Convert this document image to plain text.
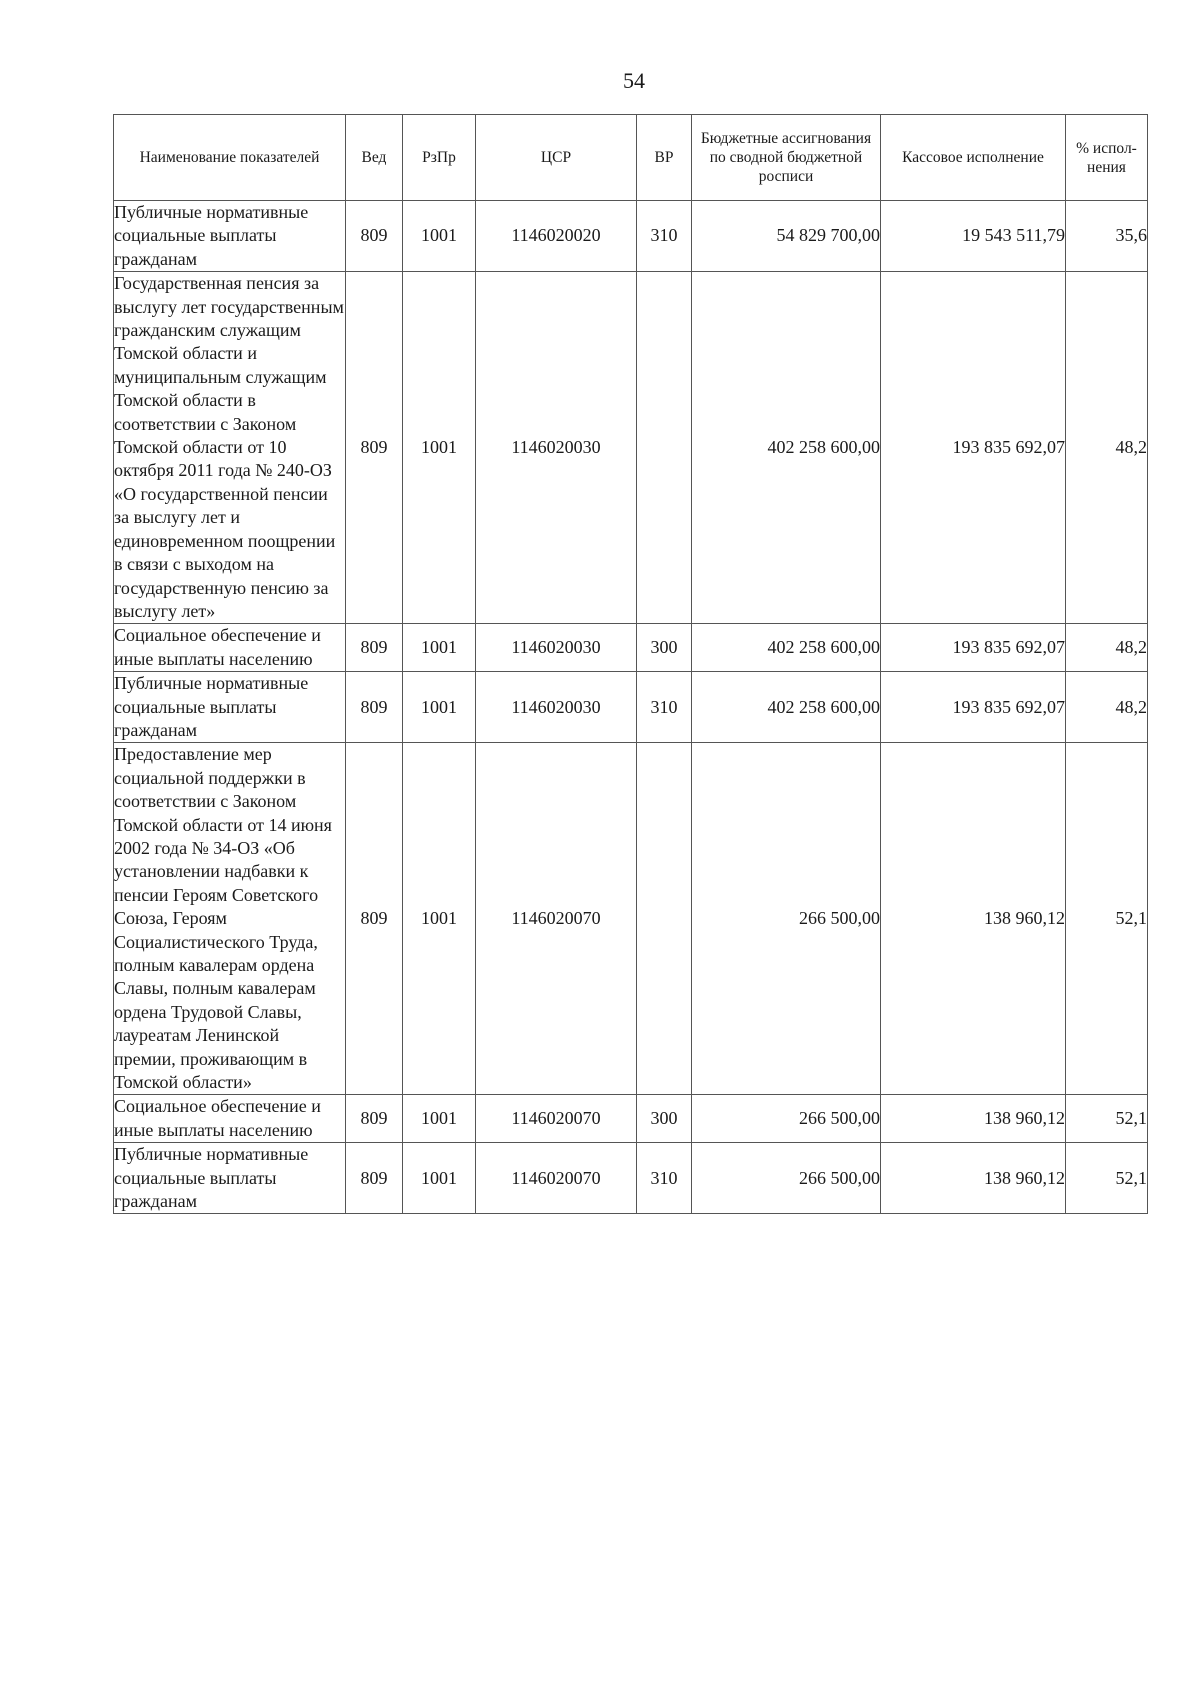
54
Наименование показателей	Вед	РзПр	ЦСР	ВР	Бюджетные ассигнования по сводной бюджетной росписи	Кассовое исполнение	% испол-нения
Публичные нормативные социальные выплаты гражданам	809	1001	1146020020	310	54 829 700,00	19 543 511,79	35,6
Государственная пенсия за выслугу лет государственным гражданским служащим Томской области и муниципальным служащим Томской области в соответствии с Законом Томской области от 10 октября 2011 года № 240-ОЗ «О государственной пенсии за выслугу лет и единовременном поощрении в связи с выходом на государственную пенсию за выслугу лет»	809	1001	1146020030		402 258 600,00	193 835 692,07	48,2
Социальное обеспечение и иные выплаты населению	809	1001	1146020030	300	402 258 600,00	193 835 692,07	48,2
Публичные нормативные социальные выплаты гражданам	809	1001	1146020030	310	402 258 600,00	193 835 692,07	48,2
Предоставление мер социальной поддержки в соответствии с Законом Томской области от 14 июня 2002 года № 34-ОЗ «Об установлении надбавки к пенсии Героям Советского Союза, Героям Социалистического Труда, полным кавалерам ордена Славы, полным кавалерам ордена Трудовой Славы, лауреатам Ленинской премии, проживающим в Томской области»	809	1001	1146020070		266 500,00	138 960,12	52,1
Социальное обеспечение и иные выплаты населению	809	1001	1146020070	300	266 500,00	138 960,12	52,1
Публичные нормативные социальные выплаты гражданам	809	1001	1146020070	310	266 500,00	138 960,12	52,1
